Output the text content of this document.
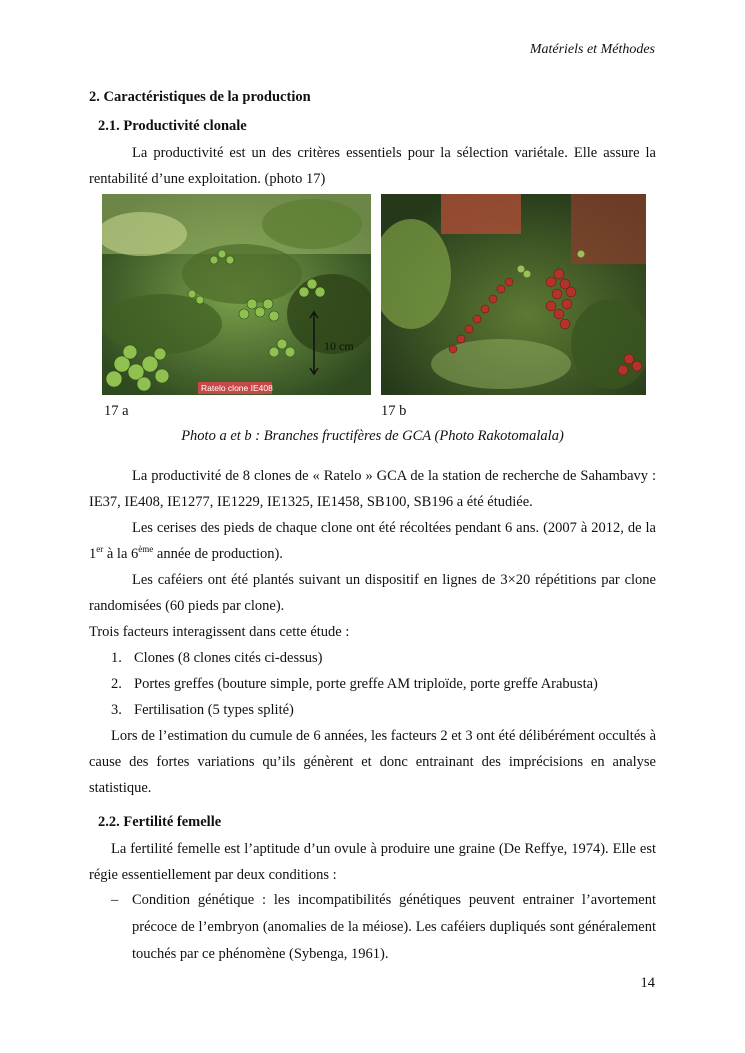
Matériels et Méthodes
2. Caractéristiques de la production
2.1. Productivité clonale
La productivité est un des critères essentiels pour la sélection variétale. Elle assure la rentabilité d’une exploitation. (photo 17)
10 cm
Ratelo clone IE408
17 a	17 b
Photo a et b : Branches fructifères de GCA (Photo Rakotomalala)
La productivité de 8 clones de « Ratelo » GCA de la station de recherche de Sahambavy : IE37, IE408, IE1277, IE1229, IE1325, IE1458, SB100, SB196 a été étudiée.
Les cerises des pieds de chaque clone ont été récoltées pendant 6 ans. (2007 à 2012, de la 1er à la 6ème année de production).
Les caféiers ont été plantés suivant un dispositif en lignes de 3×20 répétitions par clone randomisées (60 pieds par clone).
Trois facteurs interagissent dans cette étude :
1. Clones (8 clones cités ci-dessus)
2. Portes greffes (bouture simple, porte greffe AM triploïde, porte greffe Arabusta)
3. Fertilisation (5 types splité)
Lors de l’estimation du cumule de 6 années, les facteurs 2 et 3 ont été délibérément occultés à cause des fortes variations qu’ils génèrent et donc entrainant des imprécisions en analyse statistique.
2.2. Fertilité femelle
La fertilité femelle est l’aptitude d’un ovule à produire une graine (De Reffye, 1974). Elle est régie essentiellement par deux conditions :
– Condition génétique : les incompatibilités génétiques peuvent entrainer l’avortement précoce de l’embryon (anomalies de la méiose). Les caféiers dupliqués sont généralement touchés par ce phénomène (Sybenga, 1961).
14
